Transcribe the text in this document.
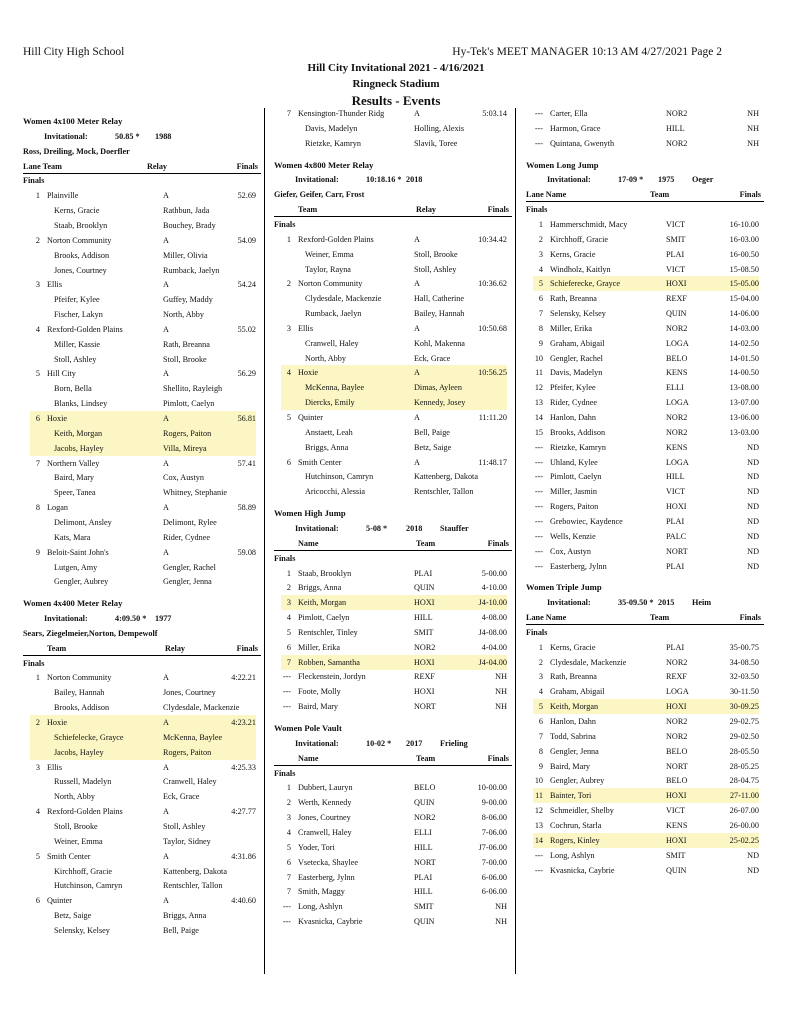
Hill City High School	Hy-Tek's MEET MANAGER 10:13 AM 4/27/2021 Page 2
Hill City Invitational 2021 - 4/16/2021
Ringneck Stadium
Results - Events
Women 4x100 Meter Relay
Invitational:	50.85 * 1988
Ross, Dreiling, Mock, Doerfler
Lane Team	Relay	Finals
Finals
1 Plainville	A	52.69
Kerns, Gracie	Rathbun, Jada
Staab, Brooklyn	Bouchey, Brady
2 Norton Community	A	54.09
Brooks, Addison	Miller, Olivia
Jones, Courtney	Rumback, Jaelyn
3 Ellis	A	54.24
Pfeifer, Kylee	Guffey, Maddy
Fischer, Lakyn	North, Abby
4 Rexford-Golden Plains	A	55.02
Miller, Kassie	Rath, Breanna
Stoll, Ashley	Stoll, Brooke
5 Hill City	A	56.29
Born, Bella	Shellito, Rayleigh
Blanks, Lindsey	Pimlott, Caelyn
6 Hoxie	A	56.81
Keith, Morgan	Rogers, Paiton
Jacobs, Hayley	Villa, Mireya
7 Northern Valley	A	57.41
Baird, Mary	Cox, Austyn
Speer, Tanea	Whitney, Stephanie
8 Logan	A	58.89
Delimont, Ansley	Delimont, Rylee
Kats, Mara	Rider, Cydnee
9 Beloit-Saint John's	A	59.08
Lutgen, Amy	Gengler, Rachel
Gengler, Aubrey	Gengler, Jenna
Women 4x400 Meter Relay
Invitational:	4:09.50 * 1977
Sears, Ziegelmeier,Norton, Dempewolf
Team	Relay	Finals
Finals
1 Norton Community	A	4:22.21
Bailey, Hannah	Jones, Courtney
Brooks, Addison	Clydesdale, Mackenzie
2 Hoxie	A	4:23.21
Schiefelecke, Grayce	McKenna, Baylee
Jacobs, Hayley	Rogers, Paiton
3 Ellis	A	4:25.33
Russell, Madelyn	Cranwell, Haley
North, Abby	Eck, Grace
4 Rexford-Golden Plains	A	4:27.77
Stoll, Brooke	Stoll, Ashley
Weiner, Emma	Taylor, Sidney
5 Smith Center	A	4:31.86
Kirchhoff, Gracie	Kattenberg, Dakota
Hutchinson, Camryn	Rentschler, Tallon
6 Quinter	A	4:40.60
Betz, Saige	Briggs, Anna
Selensky, Kelsey	Bell, Paige
7 Kensington-Thunder Ridg	A	5:03.14
Davis, Madelyn	Holling, Alexis
Rietzke, Kamryn	Slavik, Toree
Women 4x800 Meter Relay
Invitational:	10:18.16 * 2018
Giefer, Geifer, Carr, Frost
Team	Relay	Finals
Finals
1 Rexford-Golden Plains	A	10:34.42
Weiner, Emma	Stoll, Brooke
Taylor, Rayna	Stoll, Ashley
2 Norton Community	A	10:36.62
Clydesdale, Mackenzie	Hall, Catherine
Rumback, Jaelyn	Bailey, Hannah
3 Ellis	A	10:50.68
Cranwell, Haley	Kohl, Makenna
North, Abby	Eck, Grace
4 Hoxie	A	10:56.25
McKenna, Baylee	Dimas, Ayleen
Diercks, Emily	Kennedy, Josey
5 Quinter	A	11:11.20
Anstaett, Leah	Bell, Paige
Briggs, Anna	Betz, Saige
6 Smith Center	A	11:48.17
Hutchinson, Camryn	Kattenberg, Dakota
Aricocchi, Alessia	Rentschler, Tallon
Women High Jump
Invitational:	5-08 * 2018 Stauffer
Name	Team	Finals
Finals
1 Staab, Brooklyn	PLAI	5-00.00
2 Briggs, Anna	QUIN	4-10.00
3 Keith, Morgan	HOXI	J4-10.00
4 Pimlott, Caelyn	HILL	4-08.00
5 Rentschler, Tinley	SMIT	J4-08.00
6 Miller, Erika	NOR2	4-04.00
7 Robben, Samantha	HOXI	J4-04.00
--- Fleckenstein, Jordyn	REXF	NH
--- Foote, Molly	HOXI	NH
--- Baird, Mary	NORT	NH
Women Pole Vault
Invitational:	10-02 * 2017 Frieling
Name	Team	Finals
Finals
1 Dubbert, Lauryn	BELO	10-00.00
2 Werth, Kennedy	QUIN	9-00.00
3 Jones, Courtney	NOR2	8-06.00
4 Cranwell, Haley	ELLI	7-06.00
5 Yoder, Tori	HILL	J7-06.00
6 Vsetecka, Shaylee	NORT	7-00.00
7 Easterberg, Jylnn	PLAI	6-06.00
7 Smith, Maggy	HILL	6-06.00
--- Long, Ashlyn	SMIT	NH
--- Kvasnicka, Caybrie	QUIN	NH
--- Carter, Ella	NOR2	NH
--- Harmon, Grace	HILL	NH
--- Quintana, Gwenyth	NOR2	NH
Women Long Jump
Invitational:	17-09 * 1975 Oeger
Lane Name	Team	Finals
Finals
1 Hammerschmidt, Macy	VICT	16-10.00
2 Kirchhoff, Gracie	SMIT	16-03.00
3 Kerns, Gracie	PLAI	16-00.50
4 Windholz, Kaitlyn	VICT	15-08.50
5 Schieferecke, Grayce	HOXI	15-05.00
6 Rath, Breanna	REXF	15-04.00
7 Selensky, Kelsey	QUIN	14-06.00
8 Miller, Erika	NOR2	14-03.00
9 Graham, Abigail	LOGA	14-02.50
10 Gengler, Rachel	BELO	14-01.50
11 Davis, Madelyn	KENS	14-00.50
12 Pfeifer, Kylee	ELLI	13-08.00
13 Rider, Cydnee	LOGA	13-07.00
14 Hanlon, Dahn	NOR2	13-06.00
15 Brooks, Addison	NOR2	13-03.00
--- Rietzke, Kamryn	KENS	ND
--- Uhland, Kylee	LOGA	ND
--- Pimlott, Caelyn	HILL	ND
--- Miller, Jasmin	VICT	ND
--- Rogers, Paiton	HOXI	ND
--- Grebowiec, Kaydence	PLAI	ND
--- Wells, Kenzie	PALC	ND
--- Cox, Austyn	NORT	ND
--- Easterberg, Jylnn	PLAI	ND
Women Triple Jump
Invitational:	35-09.50 * 2015 Heim
Lane Name	Team	Finals
Finals
1 Kerns, Gracie	PLAI	35-00.75
2 Clydesdale, Mackenzie	NOR2	34-08.50
3 Rath, Breanna	REXF	32-03.50
4 Graham, Abigail	LOGA	30-11.50
5 Keith, Morgan	HOXI	30-09.25
6 Hanlon, Dahn	NOR2	29-02.75
7 Todd, Sabrina	NOR2	29-02.50
8 Gengler, Jenna	BELO	28-05.50
9 Baird, Mary	NORT	28-05.25
10 Gengler, Aubrey	BELO	28-04.75
11 Bainter, Tori	HOXI	27-11.00
12 Schmeidler, Shelby	VICT	26-07.00
13 Cochrun, Starla	KENS	26-00.00
14 Rogers, Kinley	HOXI	25-02.25
--- Long, Ashlyn	SMIT	ND
--- Kvasnicka, Caybrie	QUIN	ND
